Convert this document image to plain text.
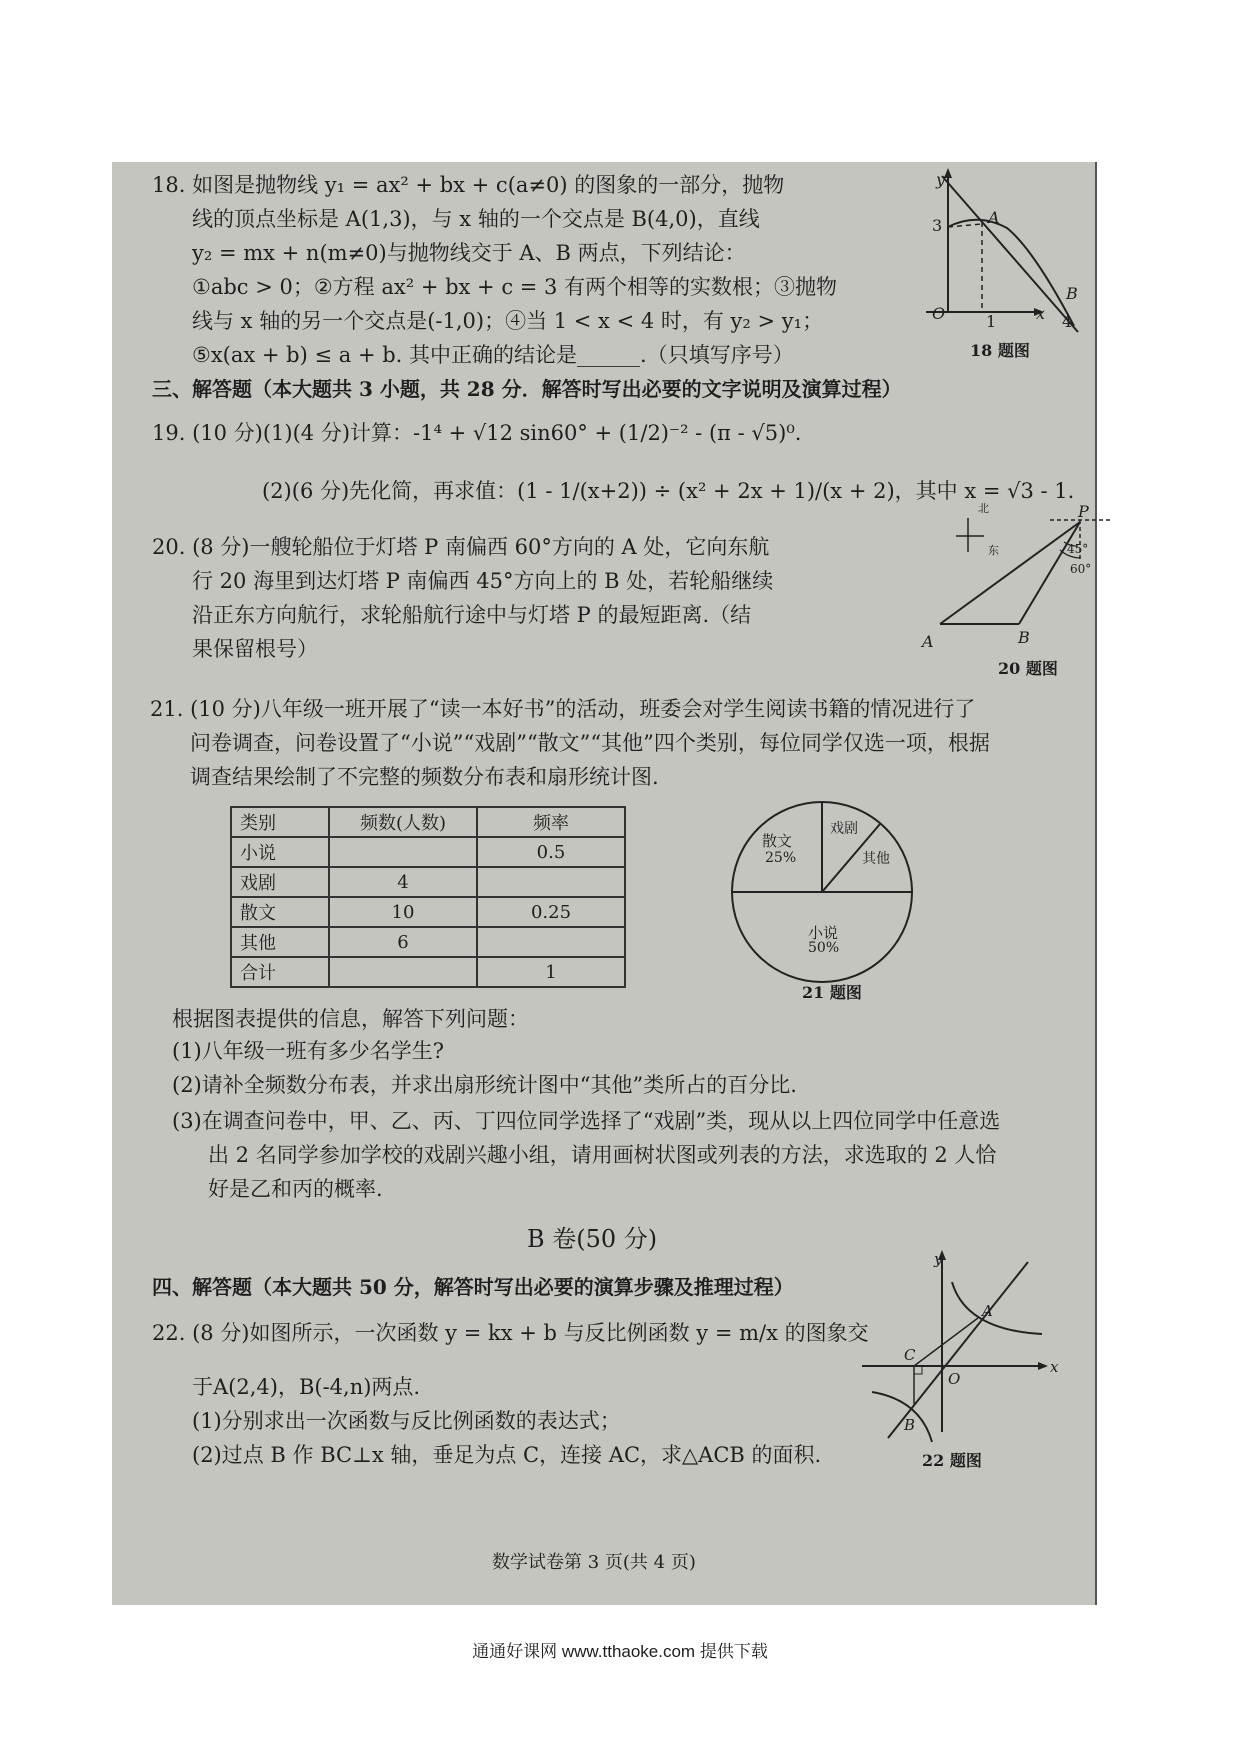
18. 如图是抛物线 y₁ = ax² + bx + c(a≠0) 的图象的一部分，抛物
线的顶点坐标是 A(1,3)，与 x 轴的一个交点是 B(4,0)，直线
y₂ = mx + n(m≠0)与抛物线交于 A、B 两点，下列结论：
①abc > 0；②方程 ax² + bx + c = 3 有两个相等的实数根；③抛物
线与 x 轴的另一个交点是(-1,0)；④当 1 < x < 4 时，有 y₂ > y₁；
⑤x(ax + b) ≤ a + b. 其中正确的结论是______.（只填写序号）
y
x
O
3
1	4
A
B
18 题图
三、解答题（本大题共 3 小题，共 28 分．解答时写出必要的文字说明及演算过程）
19. (10 分)(1)(4 分)计算：-1⁴ + √12 sin60° + (1/2)⁻² - (π - √5)⁰.
(2)(6 分)先化简，再求值：(1 - 1/(x+2)) ÷ (x² + 2x + 1)/(x + 2)，其中 x = √3 - 1.
20. (8 分)一艘轮船位于灯塔 P 南偏西 60°方向的 A 处，它向东航
行 20 海里到达灯塔 P 南偏西 45°方向上的 B 处，若轮船继续
沿正东方向航行，求轮船航行途中与灯塔 P 的最短距离.（结
果保留根号）
北
东
P
45°
60°
A	B
20 题图
21. (10 分)八年级一班开展了“读一本好书”的活动，班委会对学生阅读书籍的情况进行了
问卷调查，问卷设置了“小说”“戏剧”“散文”“其他”四个类别，每位同学仅选一项，根据
调查结果绘制了不完整的频数分布表和扇形统计图.
散文
25%
戏剧
其他
小说
50%
21 题图
根据图表提供的信息，解答下列问题：
(1)八年级一班有多少名学生?
(2)请补全频数分布表，并求出扇形统计图中“其他”类所占的百分比.
(3)在调查问卷中，甲、乙、丙、丁四位同学选择了“戏剧”类，现从以上四位同学中任意选
出 2 名同学参加学校的戏剧兴趣小组，请用画树状图或列表的方法，求选取的 2 人恰
好是乙和丙的概率.
B 卷(50 分)
四、解答题（本大题共 50 分，解答时写出必要的演算步骤及推理过程）
22. (8 分)如图所示，一次函数 y = kx + b 与反比例函数 y = m/x 的图象交
于A(2,4)，B(-4,n)两点.
(1)分别求出一次函数与反比例函数的表达式；
(2)过点 B 作 BC⊥x 轴，垂足为点 C，连接 AC，求△ACB 的面积.
y
x
O
A
B
C
22 题图
数学试卷第 3 页(共 4 页)
类别	频数(人数)	频率
小说		0.5
戏剧	4	
散文	10	0.25
其他	6	
合计		1
通通好课网 www.tthaoke.com 提供下载
